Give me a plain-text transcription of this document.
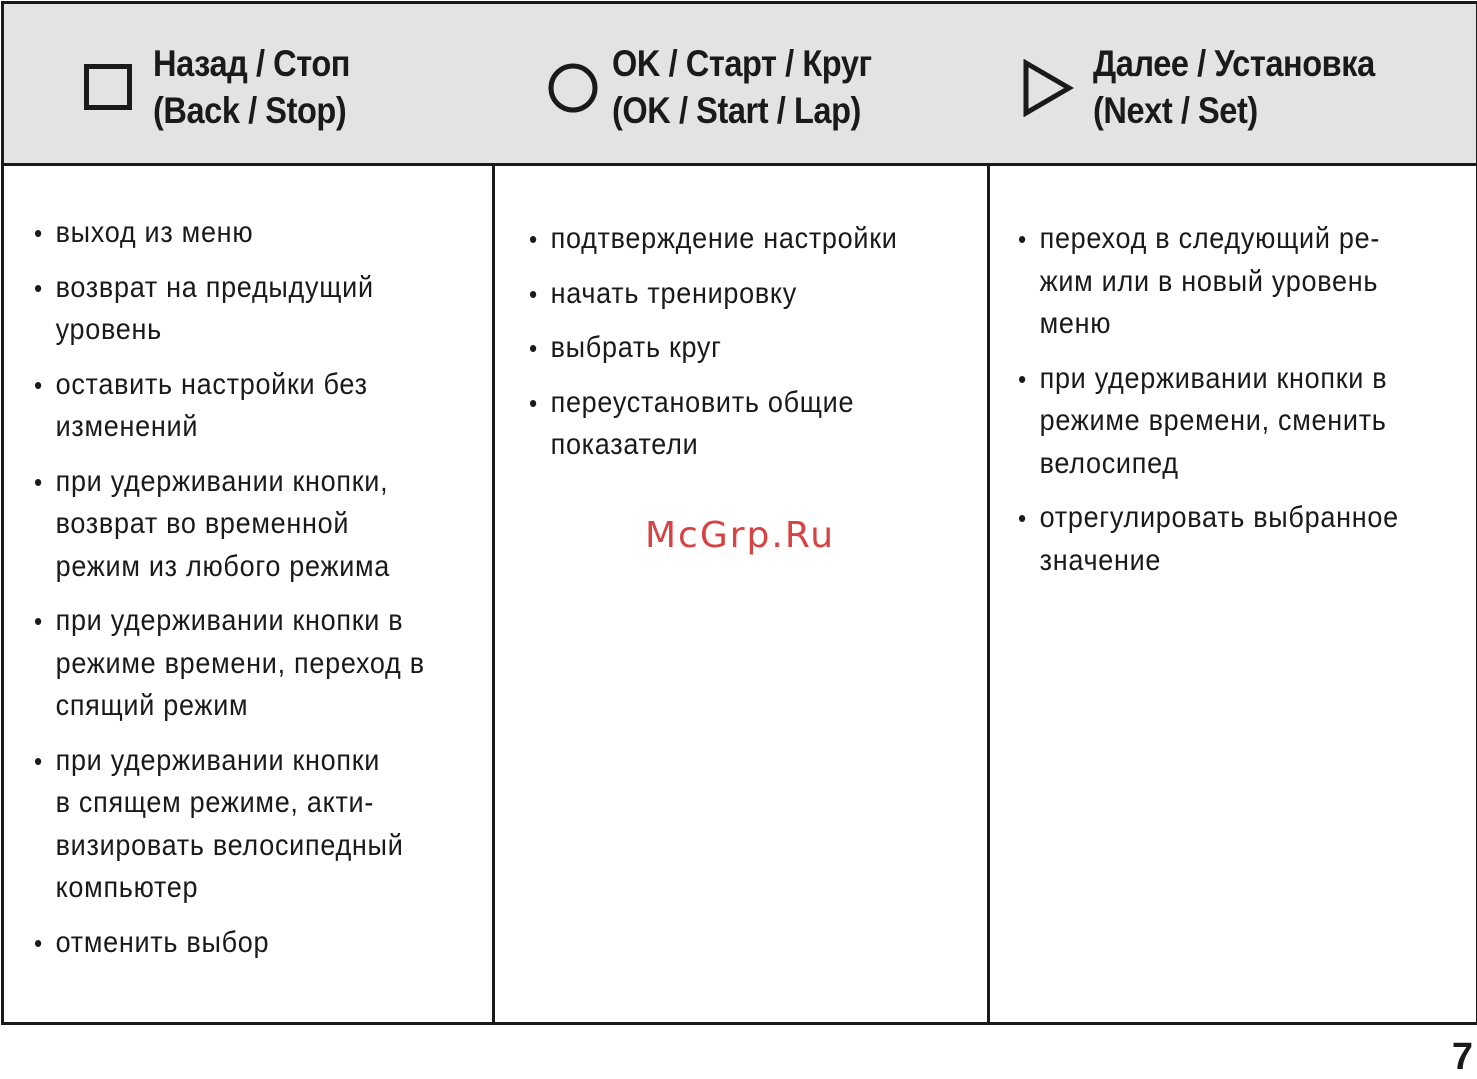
Назад / Стоп
(Back / Stop)
OK / Старт / Круг
(OK / Start / Lap)
Далее / Установка
(Next / Set)
• выход из меню
• возврат на предыдущий
уровень
• оставить настройки без
изменений
• при удерживании кнопки,
возврат во временной
режим из любого режима
• при удерживании кнопки в
режиме времени, переход в
спящий режим
• при удерживании кнопки
в спящем режиме, акти-
визировать велосипедный
компьютер
• отменить выбор
• подтверждение настройки
• начать тренировку
• выбрать круг
• переустановить общие
показатели
• переход в следующий ре-
жим или в новый уровень
меню
• при удерживании кнопки в
режиме времени, сменить
велосипед
• отрегулировать выбранное
значение
McGrp.Ru
7
